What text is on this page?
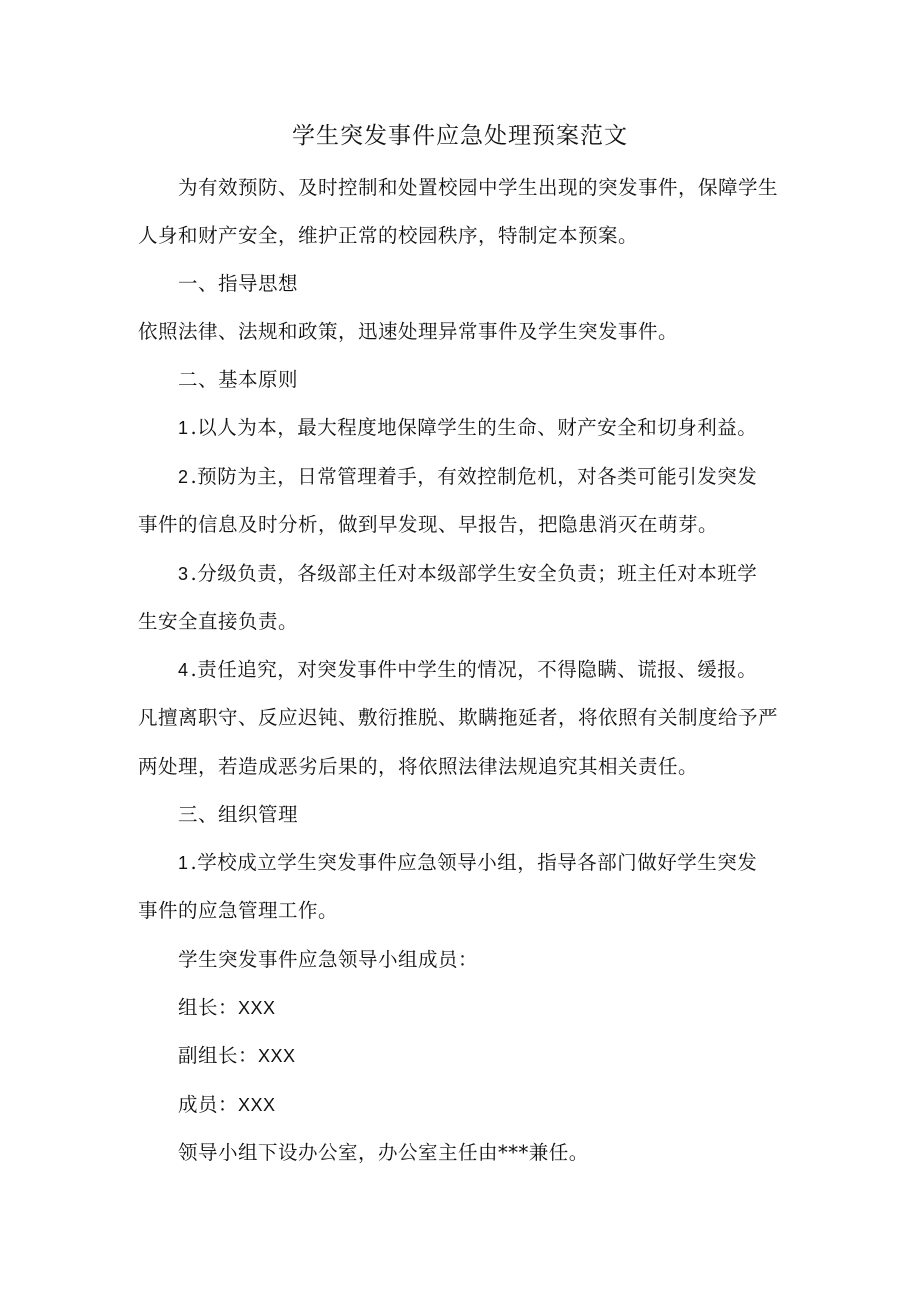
学生突发事件应急处理预案范文

为有效预防、及时控制和处置校园中学生出现的突发事件，保障学生

人身和财产安全，维护正常的校园秩序，特制定本预案。

一、指导思想

依照法律、法规和政策，迅速处理异常事件及学生突发事件。

二、基本原则

1 .以人为本，最大程度地保障学生的生命、财产安全和切身利益。

2 .预防为主，日常管理着手，有效控制危机，对各类可能引发突发

事件的信息及时分析，做到早发现、早报告，把隐患消灭在萌芽。

3 .分级负责，各级部主任对本级部学生安全负责；班主任对本班学

生安全直接负责。

4 .责任追究，对突发事件中学生的情况，不得隐瞒、谎报、缓报。

凡擅离职守、反应迟钝、敷衍推脱、欺瞒拖延者，将依照有关制度给予严

两处理，若造成恶劣后果的，将依照法律法规追究其相关责任。

三、组织管理

1 .学校成立学生突发事件应急领导小组，指导各部门做好学生突发

事件的应急管理工作。

学生突发事件应急领导小组成员：

组长：XXX

副组长：XXX

成员：XXX

领导小组下设办公室，办公室主任由***兼任。
